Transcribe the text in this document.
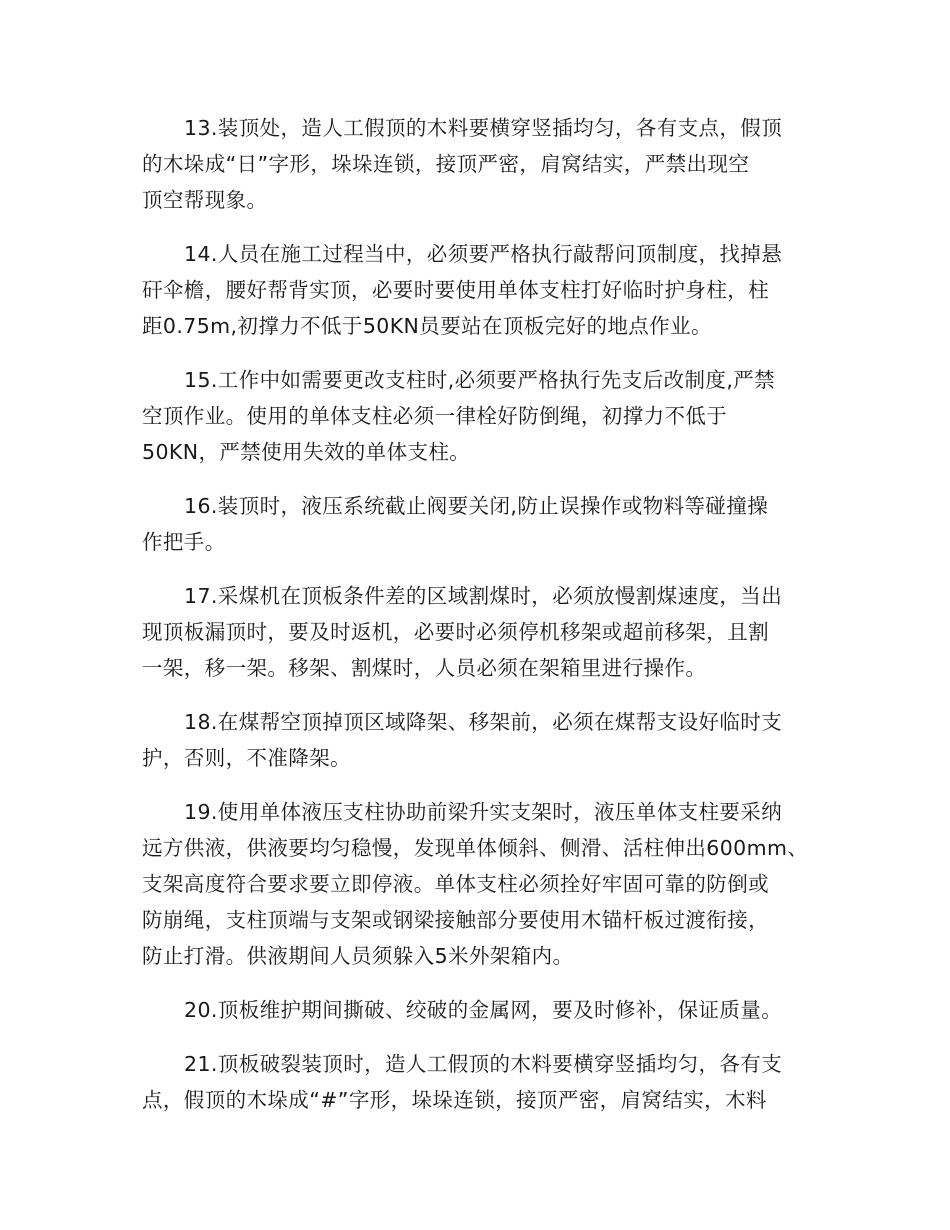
13.装顶处，造人工假顶的木料要横穿竖插均匀，各有支点，假顶
的木垛成“日”字形，垛垛连锁，接顶严密，肩窝结实，严禁出现空
顶空帮现象。
14.人员在施工过程当中，必须要严格执行敲帮问顶制度，找掉悬
矸伞檐，腰好帮背实顶，必要时要使用单体支柱打好临时护身柱，柱
距0.75m,初撑力不低于50KN员要站在顶板完好的地点作业。
15.工作中如需要更改支柱时,必须要严格执行先支后改制度,严禁
空顶作业。使用的单体支柱必须一律栓好防倒绳，初撑力不低于
50KN，严禁使用失效的单体支柱。
16.装顶时，液压系统截止阀要关闭,防止误操作或物料等碰撞操
作把手。
17.采煤机在顶板条件差的区域割煤时，必须放慢割煤速度，当出
现顶板漏顶时，要及时返机，必要时必须停机移架或超前移架，且割
一架，移一架。移架、割煤时，人员必须在架箱里进行操作。
18.在煤帮空顶掉顶区域降架、移架前，必须在煤帮支设好临时支
护，否则，不准降架。
19.使用单体液压支柱协助前梁升实支架时，液压单体支柱要采纳
远方供液，供液要均匀稳慢，发现单体倾斜、侧滑、活柱伸出600mm、
支架高度符合要求要立即停液。单体支柱必须拴好牢固可靠的防倒或
防崩绳，支柱顶端与支架或钢梁接触部分要使用木锚杆板过渡衔接，
防止打滑。供液期间人员须躲入5米外架箱内。
20.顶板维护期间撕破、绞破的金属网，要及时修补，保证质量。
21.顶板破裂装顶时，造人工假顶的木料要横穿竖插均匀，各有支
点，假顶的木垛成“#”字形，垛垛连锁，接顶严密，肩窝结实，木料
